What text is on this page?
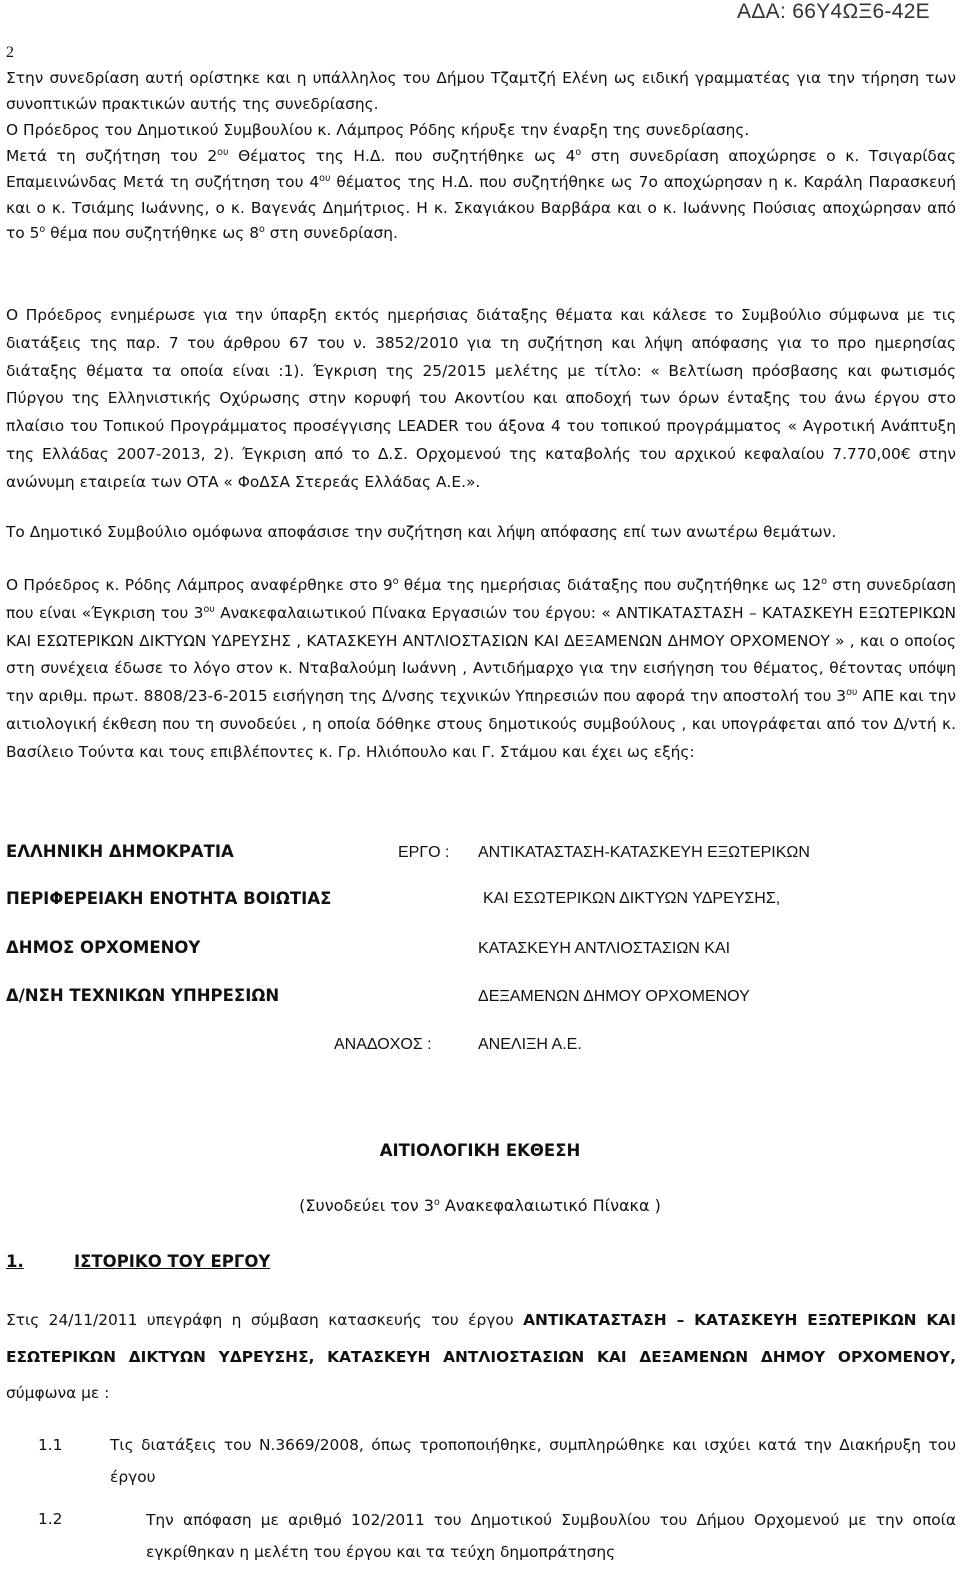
ΑΔΑ: 66Υ4ΩΞ6-42Ε
2

Στην συνεδρίαση αυτή ορίστηκε και η υπάλληλος του Δήμου Τζαμτζή Ελένη ως ειδική γραμματέας για την τήρηση των συνοπτικών πρακτικών αυτής της συνεδρίασης.
Ο Πρόεδρος του Δημοτικού Συμβουλίου κ. Λάμπρος Ρόδης κήρυξε την έναρξη της συνεδρίασης.
Μετά τη συζήτηση του $2^{o\upsilon}$ Θέματος της Η.Δ. που συζητήθηκε ως $4^o$ στη συνεδρίαση αποχώρησε ο κ. Τσιγαρίδας Επαμεινώνδας Μετά τη συζήτηση του $4^{o\upsilon}$ θέματος της Η.Δ. που συζητήθηκε ως 7ο αποχώρησαν η κ. Καράλη Παρασκευή και ο κ. Τσιάμης Ιωάννης, ο κ. Βαγενάς Δημήτριος. Η κ. Σκαγιάκου Βαρβάρα και ο κ. Ιωάννης Πούσιας αποχώρησαν από το $5^o$ θέμα που συζητήθηκε ως $8^o$ στη συνεδρίαση.

Ο Πρόεδρος ενημέρωσε για την ύπαρξη εκτός ημερήσιας διάταξης θέματα και κάλεσε το Συμβούλιο σύμφωνα με τις διατάξεις της παρ. 7 του άρθρου 67 του ν. 3852/2010 για τη συζήτηση και λήψη απόφασης για το προ ημερησίας διάταξης θέματα τα οποία είναι :1). Έγκριση της 25/2015 μελέτης με τίτλο: « Βελτίωση πρόσβασης και φωτισμός Πύργου της Ελληνιστικής Οχύρωσης στην κορυφή του Ακοντίου και αποδοχή των όρων ένταξης του άνω έργου στο πλαίσιο του Τοπικού Προγράμματος προσέγγισης LEADER του άξονα 4 του τοπικού προγράμματος « Αγροτική Ανάπτυξη της Ελλάδας 2007-2013, 2). Έγκριση από το Δ.Σ. Ορχομενού της καταβολής του αρχικού κεφαλαίου 7.770,00€ στην ανώνυμη εταιρεία των ΟΤΑ « ΦοΔΣΑ Στερεάς Ελλάδας Α.Ε.».

Το Δημοτικό Συμβούλιο ομόφωνα αποφάσισε την συζήτηση και λήψη απόφασης επί των ανωτέρω θεμάτων.

Ο Πρόεδρος κ. Ρόδης Λάμπρος αναφέρθηκε στο $9^o$ θέμα της ημερήσιας διάταξης που συζητήθηκε ως $12^o$ στη συνεδρίαση που είναι «Έγκριση του $3^{o\upsilon}$ Ανακεφαλαιωτικού Πίνακα Εργασιών του έργου: « ΑΝΤΙΚΑΤΑΣΤΑΣΗ – ΚΑΤΑΣΚΕΥΗ ΕΞΩΤΕΡΙΚΩΝ ΚΑΙ ΕΣΩΤΕΡΙΚΩΝ ΔΙΚΤΥΩΝ ΥΔΡΕΥΣΗΣ , ΚΑΤΑΣΚΕΥΗ ΑΝΤΛΙΟΣΤΑΣΙΩΝ ΚΑΙ ΔΕΞΑΜΕΝΩΝ ΔΗΜΟΥ ΟΡΧΟΜΕΝΟΥ » , και ο οποίος στη συνέχεια έδωσε το λόγο στον κ. Νταβαλούμη Ιωάννη , Αντιδήμαρχο για την εισήγηση του θέματος, θέτοντας υπόψη την αριθμ. πρωτ. 8808/23-6-2015 εισήγηση της Δ/νσης τεχνικών Υπηρεσιών που αφορά την αποστολή του $3^{o\upsilon}$ ΑΠΕ και την αιτιολογική έκθεση που τη συνοδεύει , η οποία δόθηκε στους δημοτικούς συμβούλους , και υπογράφεται από τον Δ/ντή κ. Βασίλειο Τούντα και τους επιβλέποντες κ. Γρ. Ηλιόπουλο και Γ. Στάμου και έχει ως εξής:

ΕΛΛΗΝΙΚΗ ΔΗΜΟΚΡΑΤΙΑ
ΠΕΡΙΦΕΡΕΙΑΚΗ ΕΝΟΤΗΤΑ ΒΟΙΩΤΙΑΣ
ΔΗΜΟΣ ΟΡΧΟΜΕΝΟΥ
Δ/ΝΣΗ ΤΕΧΝΙΚΩΝ ΥΠΗΡΕΣΙΩΝ
ΕΡΓΟ : ΑΝΤΙΚΑΤΑΣΤΑΣΗ-ΚΑΤΑΣΚΕΥΗ ΕΞΩΤΕΡΙΚΩΝ
ΚΑΙ ΕΣΩΤΕΡΙΚΩΝ ΔΙΚΤΥΩΝ ΥΔΡΕΥΣΗΣ,
ΚΑΤΑΣΚΕΥΗ ΑΝΤΛΙΟΣΤΑΣΙΩΝ ΚΑΙ
ΔΕΞΑΜΕΝΩΝ ΔΗΜΟΥ ΟΡΧΟΜΕΝΟΥ
ΑΝΑΔΟΧΟΣ :	ΑΝΕΛΙΞΗ Α.Ε.
ΑΙΤΙΟΛΟΓΙΚΗ ΕΚΘΕΣΗ
(Συνοδεύει τον $3^o$ Ανακεφαλαιωτικό Πίνακα )
1.	ΙΣΤΟΡΙΚΟ ΤΟΥ ΕΡΓΟΥ

Στις 24/11/2011 υπεγράφη η σύμβαση κατασκευής του έργου ΑΝΤΙΚΑΤΑΣΤΑΣΗ – ΚΑΤΑΣΚΕΥΗ ΕΞΩΤΕΡΙΚΩΝ ΚΑΙ ΕΣΩΤΕΡΙΚΩΝ ΔΙΚΤΥΩΝ ΥΔΡΕΥΣΗΣ, ΚΑΤΑΣΚΕΥΗ ΑΝΤΛΙΟΣΤΑΣΙΩΝ ΚΑΙ ΔΕΞΑΜΕΝΩΝ ΔΗΜΟΥ ΟΡΧΟΜΕΝΟΥ, σύμφωνα με :

1.1	Τις διατάξεις του Ν.3669/2008, όπως τροποποιήθηκε, συμπληρώθηκε και ισχύει κατά την Διακήρυξη του έργου

1.2	Την απόφαση με αριθμό 102/2011 του Δημοτικού Συμβουλίου του Δήμου Ορχομενού με την οποία εγκρίθηκαν η μελέτη του έργου και τα τεύχη δημοπράτησης
